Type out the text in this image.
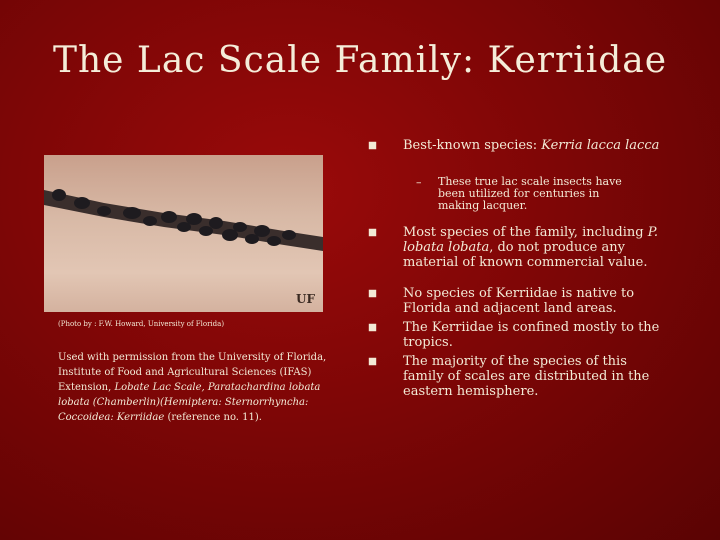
The Lac Scale Family: Kerriidae
UF
(Photo by : F.W. Howard, University of Florida)
Used with permission from the University of Florida, Institute of Food and Agricultural Sciences (IFAS) Extension, Lobate Lac Scale, Paratachardina lobata lobata (Chamberlin)(Hemiptera: Sternorrhyncha: Coccoidea: Kerriidae (reference no. 11).
Best-known species: Kerria lacca lacca
– These true lac scale insects have been utilized for centuries in making lacquer.
Most species of the family, including P. lobata lobata, do not produce any material of known commercial value.
No species of Kerriidae is native to Florida and adjacent land areas.
The Kerriidae is confined mostly to the tropics.
The majority of the species of this family of scales are distributed in the eastern hemisphere.
